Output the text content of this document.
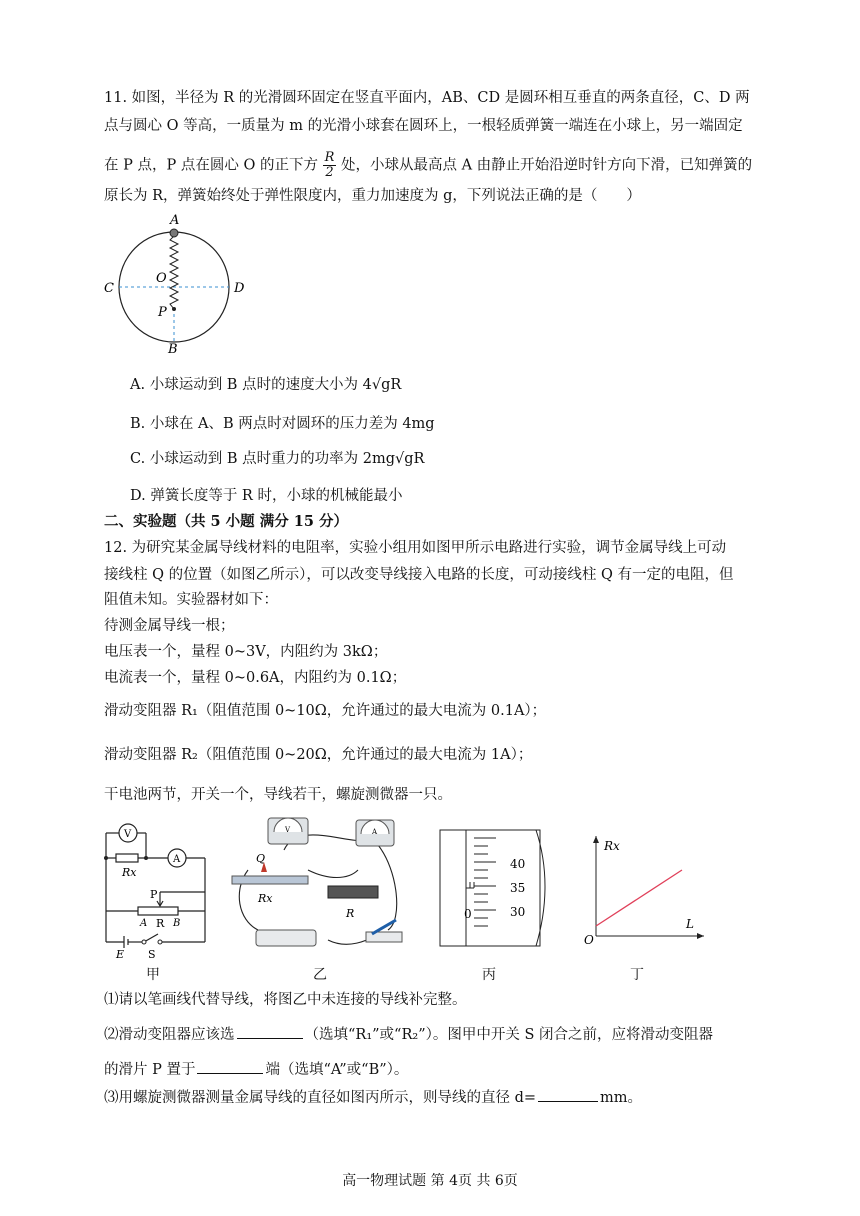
11. 如图，半径为 R 的光滑圆环固定在竖直平面内，AB、CD 是圆环相互垂直的两条直径，C、D 两
点与圆心 O 等高，一质量为 m 的光滑小球套在圆环上，一根轻质弹簧一端连在小球上，另一端固定
在 P 点，P 点在圆心 O 的正下方 $\frac{R}{2}$ 处，小球从最高点 A 由静止开始沿逆时针方向下滑，已知弹簧的
原长为 R，弹簧始终处于弹性限度内，重力加速度为 g，下列说法正确的是（　　）
A
B
C	D
O
P
A. 小球运动到 B 点时的速度大小为 4√gR
B. 小球在 A、B 两点时对圆环的压力差为 4mg
C. 小球运动到 B 点时重力的功率为 2mg√gR
D. 弹簧长度等于 R 时，小球的机械能最小
二、实验题（共 5 小题 满分 15 分）
12. 为研究某金属导线材料的电阻率，实验小组用如图甲所示电路进行实验，调节金属导线上可动
接线柱 Q 的位置（如图乙所示），可以改变导线接入电路的长度，可动接线柱 Q 有一定的电阻，但
阻值未知。实验器材如下：
待测金属导线一根；
电压表一个，量程 0~3V，内阻约为 3kΩ；
电流表一个，量程 0~0.6A，内阻约为 0.1Ω；
滑动变阻器 R₁（阻值范围 0~10Ω，允许通过的最大电流为 0.1A）；
滑动变阻器 R₂（阻值范围 0~20Ω，允许通过的最大电流为 1A）；
干电池两节，开关一个，导线若干，螺旋测微器一只。
V
A
Rx
P
R
A	B
E S
V	A
Q
Rx
R
40
35
30
0
Rx
O
L
甲	乙	丙	丁
⑴请以笔画线代替导线，将图乙中未连接的导线补完整。
⑵滑动变阻器应该选	（选填“R₁”或“R₂”）。图甲中开关 S 闭合之前，应将滑动变阻器
的滑片 P 置于	端（选填“A”或“B”）。
⑶用螺旋测微器测量金属导线的直径如图丙所示，则导线的直径 d=	mm。
高一物理试题 第 4页 共 6页
